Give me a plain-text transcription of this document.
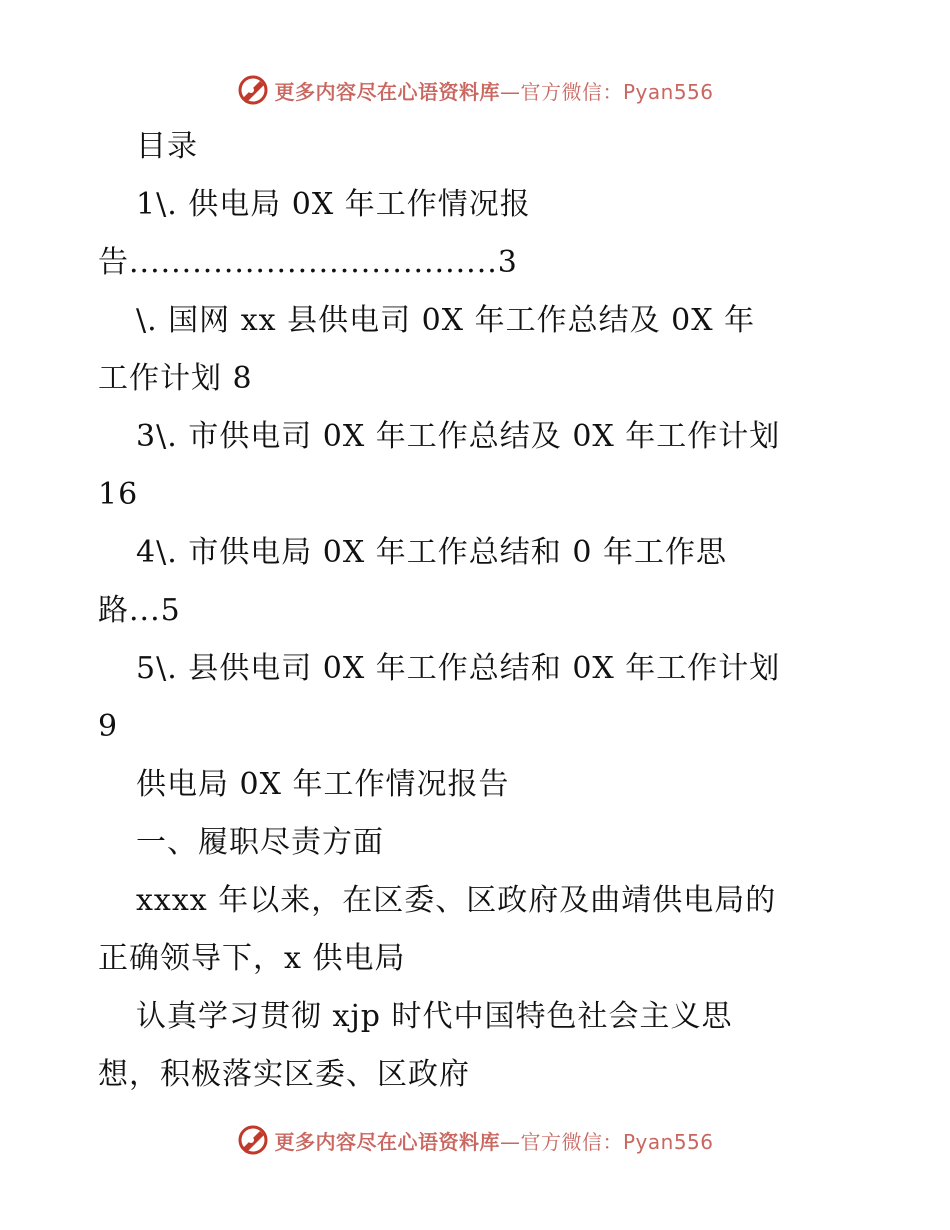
更多内容尽在心语资料库—官方微信：Pyan556
目录
1\. 供电局 0X 年工作情况报
告...................................3
\. 国网 xx 县供电司 0X 年工作总结及 0X 年
工作计划 8
3\. 市供电司 0X 年工作总结及 0X 年工作计划
16
4\. 市供电局 0X 年工作总结和 0 年工作思
路...5
5\. 县供电司 0X 年工作总结和 0X 年工作计划
9
供电局 0X 年工作情况报告
一、履职尽责方面
xxxx 年以来，在区委、区政府及曲靖供电局的
正确领导下，x 供电局
认真学习贯彻 xjp 时代中国特色社会主义思
想，积极落实区委、区政府
更多内容尽在心语资料库—官方微信：Pyan556
